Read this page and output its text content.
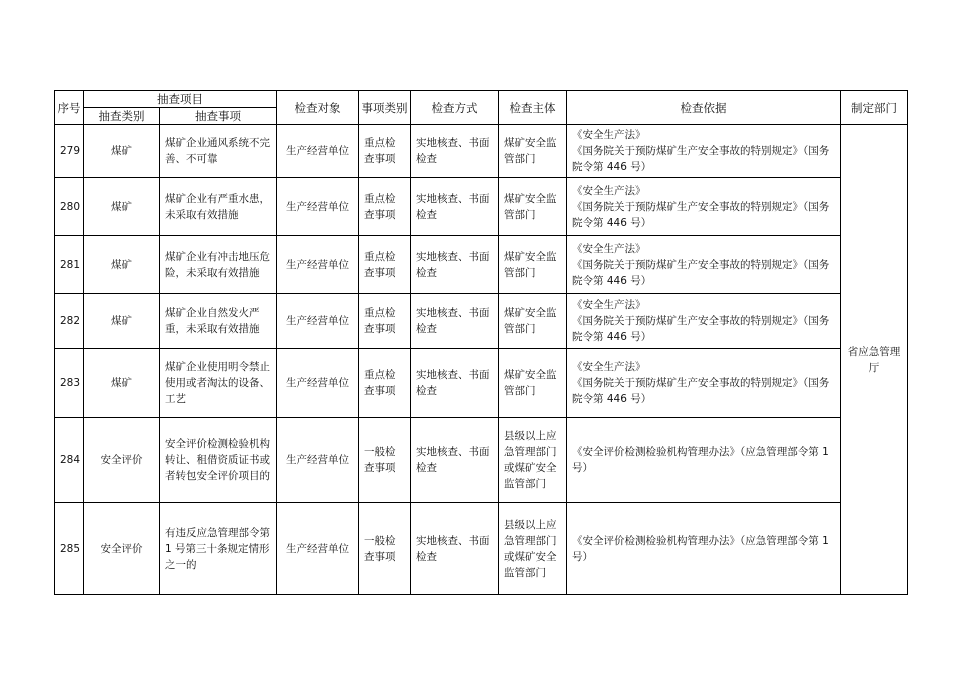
序号	抽查项目		检查对象	事项类别	检查方式	检查主体	检查依据	制定部门
	抽查类别	抽查事项						
279	煤矿	煤矿企业通风系统不完善、不可靠	生产经营单位	重点检查事项	实地核查、书面检查	煤矿安全监管部门	《安全生产法》
《国务院关于预防煤矿生产安全事故的特别规定》（国务院令第 446 号）	省应急管理厅
280	煤矿	煤矿企业有严重水患，未采取有效措施	生产经营单位	重点检查事项	实地核查、书面检查	煤矿安全监管部门	《安全生产法》
《国务院关于预防煤矿生产安全事故的特别规定》（国务院令第 446 号）	

281	煤矿	煤矿企业有冲击地压危险，未采取有效措施	生产经营单位	重点检查事项	实地核查、书面检查	煤矿安全监管部门	《安全生产法》
《国务院关于预防煤矿生产安全事故的特别规定》（国务院令第 446 号）	

282	煤矿	煤矿企业自然发火严重，未采取有效措施	生产经营单位	重点检查事项	实地核查、书面检查	煤矿安全监管部门	《安全生产法》
《国务院关于预防煤矿生产安全事故的特别规定》（国务院令第 446 号）	

283	煤矿	煤矿企业使用明令禁止使用或者淘汰的设备、工艺	生产经营单位	重点检查事项	实地核查、书面检查	煤矿安全监管部门	《安全生产法》
《国务院关于预防煤矿生产安全事故的特别规定》（国务院令第 446 号）	

284	安全评价	安全评价检测检验机构转让、租借资质证书或者转包安全评价项目的	生产经营单位	一般检查事项	实地核查、书面检查	县级以上应急管理部门或煤矿安全监管部门	《安全评价检测检验机构管理办法》（应急管理部令第 1 号）	

285	安全评价	有违反应急管理部令第 1 号第三十条规定情形之一的	生产经营单位	一般检查事项	实地核查、书面检查	县级以上应急管理部门或煤矿安全监管部门	《安全评价检测检验机构管理办法》（应急管理部令第 1 号）	
